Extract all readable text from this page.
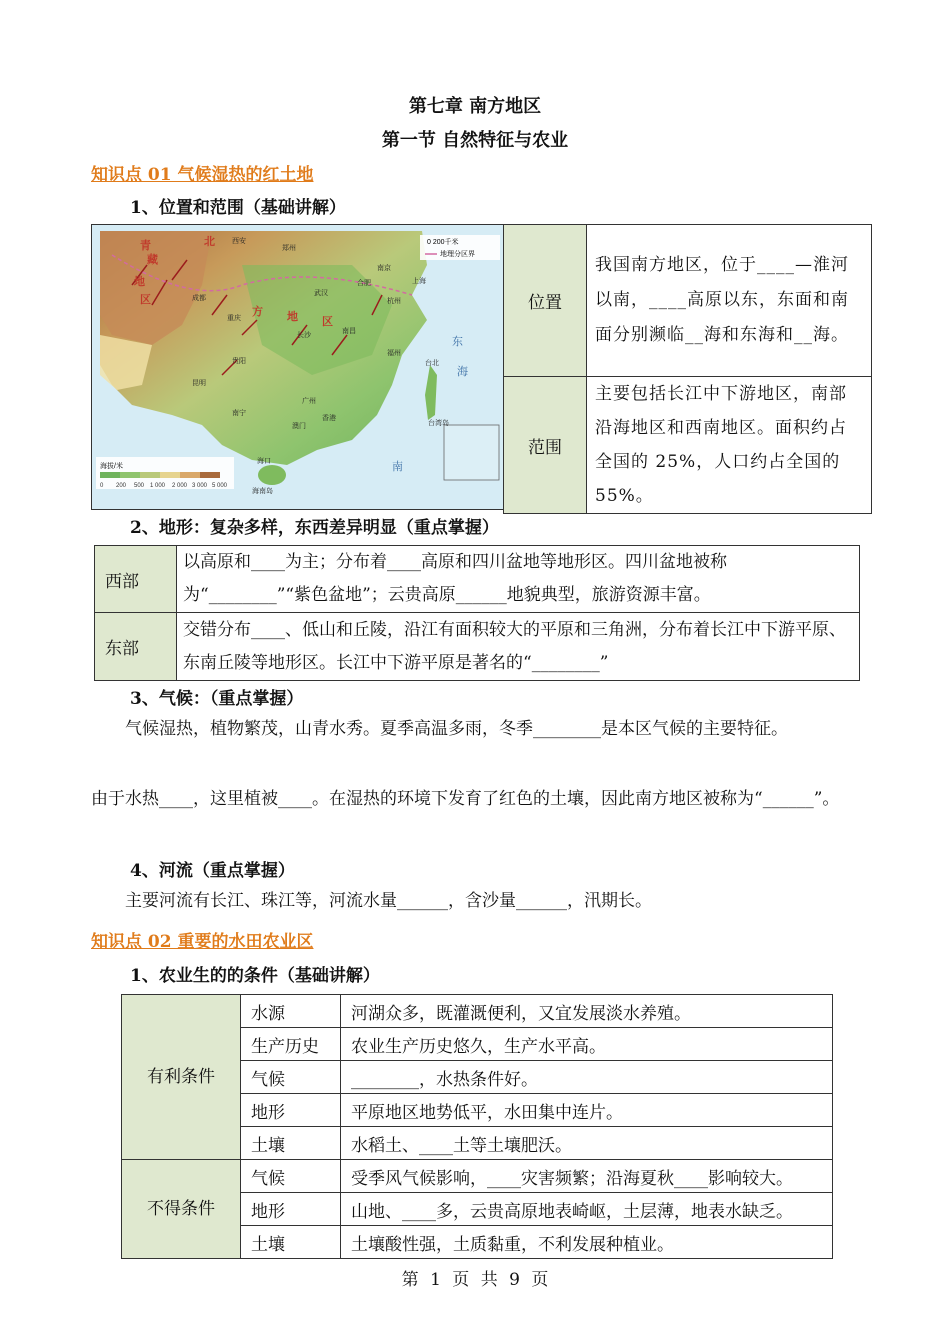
第七章 南方地区
第一节 自然特征与农业
知识点 01 气候湿热的红土地
1、位置和范围（基础讲解）
0 200千米
地理分区界
海拔/米
0 200 500 1 000 2 000 3 000 5 000
青
藏
地
区
北 西安
方 地 区
郑州
南京
上海
合肥
杭州
武汉
长沙
南昌
福州
台北
重庆
成都
贵阳
昆明
南宁
广州
香港
澳门
海口
台湾岛
海南岛
南
东
海
位置	我国南方地区，位于____—淮河以南，____高原以东，东面和南面分别濒临__海和东海和__海。
范围	主要包括长江中下游地区，南部沿海地区和西南地区。面积约占全国的 25%，人口约占全国的55%。
2、地形：复杂多样，东西差异明显（重点掌握）
西部	以高原和____为主；分布着____高原和四川盆地等地形区。四川盆地被称为“________”“紫色盆地”；云贵高原______地貌典型，旅游资源丰富。
东部	交错分布____、低山和丘陵，沿江有面积较大的平原和三角洲，分布着长江中下游平原、东南丘陵等地形区。长江中下游平原是著名的“________”
3、气候：（重点掌握）
气候湿热，植物繁茂，山青水秀。夏季高温多雨，冬季________是本区气候的主要特征。
由于水热____，这里植被____。在湿热的环境下发育了红色的土壤，因此南方地区被称为“______”。
4、河流（重点掌握）
主要河流有长江、珠江等，河流水量______，含沙量______，汛期长。
知识点 02 重要的水田农业区
1、农业生的的条件（基础讲解）
有利条件	水源	河湖众多，既灌溉便利，又宜发展淡水养殖。
	生产历史	农业生产历史悠久，生产水平高。
	气候	________，水热条件好。
	地形	平原地区地势低平，水田集中连片。
	土壤	水稻土、____土等土壤肥沃。
不得条件	气候	受季风气候影响，____灾害频繁；沿海夏秋____影响较大。
	地形	山地、____多，云贵高原地表崎岖，土层薄，地表水缺乏。
	土壤	土壤酸性强，土质黏重，不利发展种植业。
第 1 页 共 9 页
